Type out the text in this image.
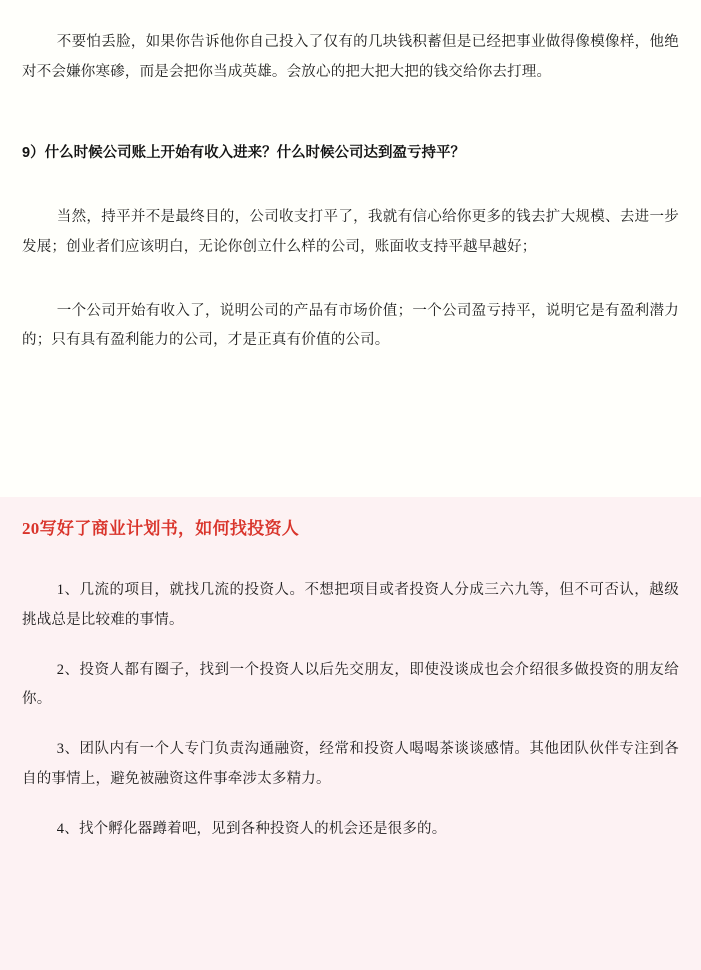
不要怕丢脸，如果你告诉他你自己投入了仅有的几块钱积蓄但是已经把事业做得像模像样，他绝对不会嫌你寒碜，而是会把你当成英雄。会放心的把大把大把的钱交给你去打理。

9）什么时候公司账上开始有收入进来？什么时候公司达到盈亏持平？

当然，持平并不是最终目的，公司收支打平了，我就有信心给你更多的钱去扩大规模、去进一步发展；创业者们应该明白，无论你创立什么样的公司，账面收支持平越早越好；

一个公司开始有收入了，说明公司的产品有市场价值；一个公司盈亏持平，说明它是有盈利潜力的；只有具有盈利能力的公司，才是正真有价值的公司。

20写好了商业计划书，如何找投资人

1、几流的项目，就找几流的投资人。不想把项目或者投资人分成三六九等，但不可否认，越级挑战总是比较难的事情。

2、投资人都有圈子，找到一个投资人以后先交朋友，即使没谈成也会介绍很多做投资的朋友给你。

3、团队内有一个人专门负责沟通融资，经常和投资人喝喝茶谈谈感情。其他团队伙伴专注到各自的事情上，避免被融资这件事牵涉太多精力。

4、找个孵化器蹲着吧，见到各种投资人的机会还是很多的。
